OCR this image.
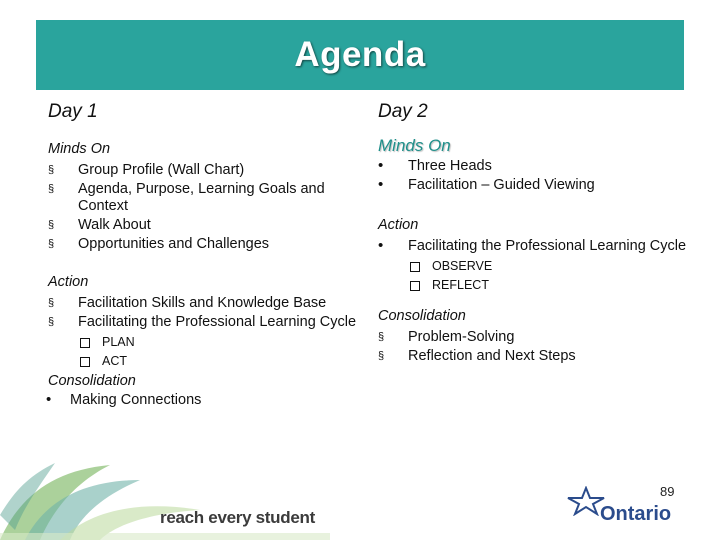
Agenda
Day 1
Minds On
§	Group Profile (Wall Chart)
§	Agenda, Purpose, Learning Goals and Context
§	Walk About
§	Opportunities and Challenges
Action
§	Facilitation Skills and Knowledge Base
§	Facilitating the Professional Learning Cycle
PLAN
ACT
Consolidation
•	Making Connections
Day 2
Minds On
•	Three Heads
•	Facilitation – Guided Viewing
Action
•	Facilitating the Professional Learning Cycle
OBSERVE
REFLECT
Consolidation
§	Problem-Solving
§	Reflection and Next Steps
reach every student
89
Ontario
